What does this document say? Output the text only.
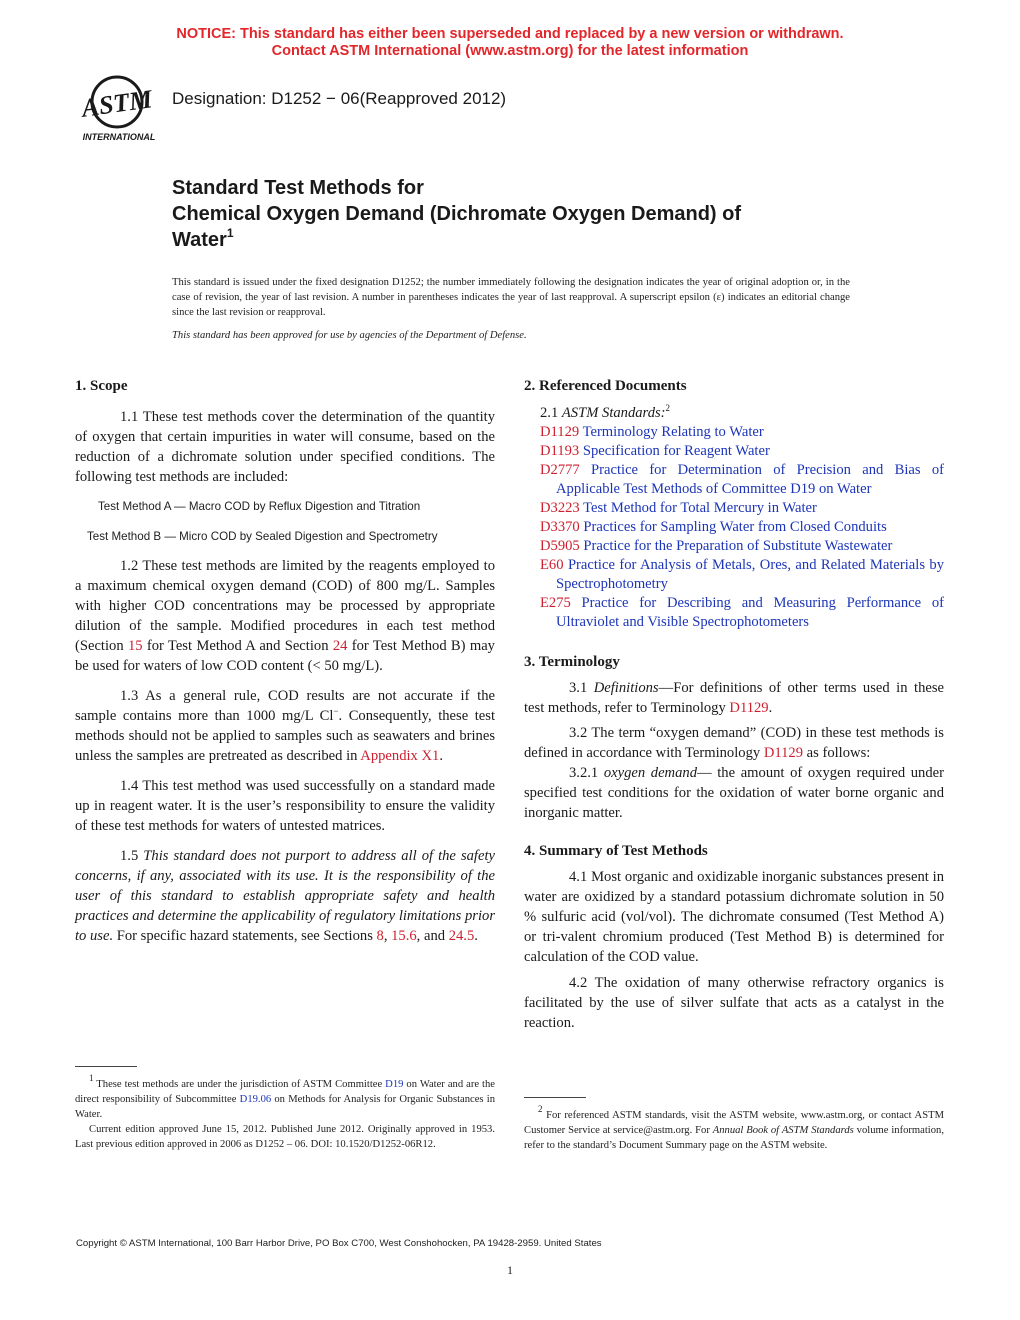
NOTICE: This standard has either been superseded and replaced by a new version or withdrawn.
Contact ASTM International (www.astm.org) for the latest information
ASTM
INTERNATIONAL
Designation: D1252 − 06(Reapproved 2012)
Standard Test Methods for
Chemical Oxygen Demand (Dichromate Oxygen Demand) of
Water$^1$
This standard is issued under the fixed designation D1252; the number immediately following the designation indicates the year of original adoption or, in the case of revision, the year of last revision. A number in parentheses indicates the year of last reapproval. A superscript epsilon (ε) indicates an editorial change since the last revision or reapproval.
This standard has been approved for use by agencies of the Department of Defense.

1. Scope

1.1 These test methods cover the determination of the quantity of oxygen that certain impurities in water will consume, based on the reduction of a dichromate solution under specified conditions. The following test methods are included:

Test Method A — Macro COD by Reflux Digestion and Titration
Test Method B — Micro COD by Sealed Digestion and Spectrometry

1.2 These test methods are limited by the reagents employed to a maximum chemical oxygen demand (COD) of 800 mg/L. Samples with higher COD concentrations may be processed by appropriate dilution of the sample. Modified procedures in each test method (Section 15 for Test Method A and Section 24 for Test Method B) may be used for waters of low COD content (< 50 mg/L).

1.3 As a general rule, COD results are not accurate if the sample contains more than 1000 mg/L Cl−. Consequently, these test methods should not be applied to samples such as seawaters and brines unless the samples are pretreated as described in Appendix X1.

1.4 This test method was used successfully on a standard made up in reagent water. It is the user’s responsibility to ensure the validity of these test methods for waters of untested matrices.

1.5 This standard does not purport to address all of the safety concerns, if any, associated with its use. It is the responsibility of the user of this standard to establish appropriate safety and health practices and determine the applicability of regulatory limitations prior to use. For specific hazard statements, see Sections 8, 15.6, and 24.5.

$^1$ These test methods are under the jurisdiction of ASTM Committee D19 on Water and are the direct responsibility of Subcommittee D19.06 on Methods for Analysis for Organic Substances in Water.

Current edition approved June 15, 2012. Published June 2012. Originally approved in 1953. Last previous edition approved in 2006 as D1252 – 06. DOI: 10.1520/D1252-06R12.

2. Referenced Documents

2.1 ASTM Standards:$^2$

D1129 Terminology Relating to Water

D1193 Specification for Reagent Water

D2777 Practice for Determination of Precision and Bias of Applicable Test Methods of Committee D19 on Water

D3223 Test Method for Total Mercury in Water

D3370 Practices for Sampling Water from Closed Conduits

D5905 Practice for the Preparation of Substitute Wastewater

E60 Practice for Analysis of Metals, Ores, and Related Materials by Spectrophotometry

E275 Practice for Describing and Measuring Performance of Ultraviolet and Visible Spectrophotometers

3. Terminology

3.1 Definitions—For definitions of other terms used in these test methods, refer to Terminology D1129.

3.2 The term “oxygen demand” (COD) in these test methods is defined in accordance with Terminology D1129 as follows:

3.2.1 oxygen demand— the amount of oxygen required under specified test conditions for the oxidation of water borne organic and inorganic matter.

4. Summary of Test Methods

4.1 Most organic and oxidizable inorganic substances present in water are oxidized by a standard potassium dichromate solution in 50 % sulfuric acid (vol/vol). The dichromate consumed (Test Method A) or tri-valent chromium produced (Test Method B) is determined for calculation of the COD value.

4.2 The oxidation of many otherwise refractory organics is facilitated by the use of silver sulfate that acts as a catalyst in the reaction.

$^2$ For referenced ASTM standards, visit the ASTM website, www.astm.org, or contact ASTM Customer Service at service@astm.org. For Annual Book of ASTM Standards volume information, refer to the standard’s Document Summary page on the ASTM website.

Copyright © ASTM International, 100 Barr Harbor Drive, PO Box C700, West Conshohocken, PA 19428-2959. United States
1
